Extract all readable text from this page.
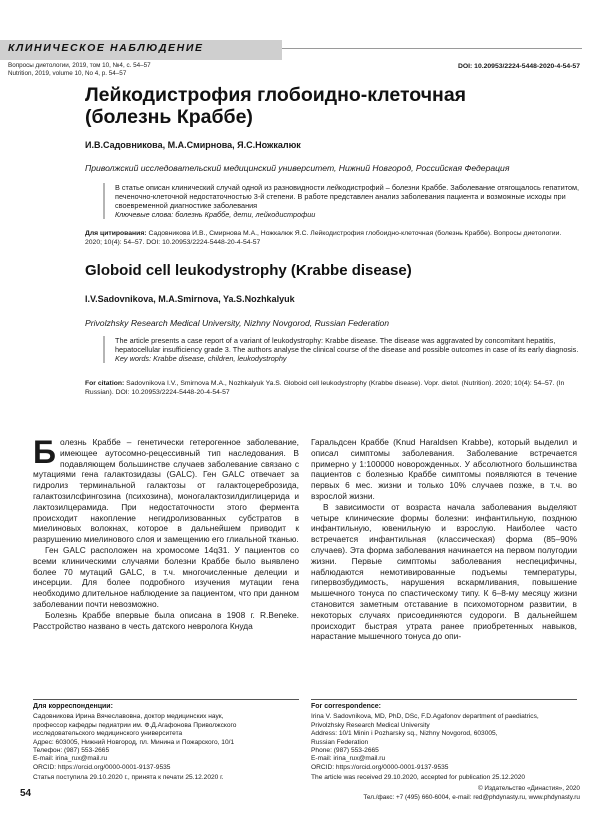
КЛИНИЧЕСКОЕ НАБЛЮДЕНИЕ
Вопросы диетологии, 2019, том 10, №4, с. 54–57
Nutrition, 2019, volume 10, No 4, p. 54–57
DOI: 10.20953/2224-5448-2020-4-54-57
Лейкодистрофия глобоидно-клеточная
(болезнь Краббе)
И.В.Садовникова, М.А.Смирнова, Я.С.Ножкалюк
Приволжский исследовательский медицинский университет, Нижний Новгород, Российская Федерация
В статье описан клинический случай одной из разновидности лейкодистрофий – болезни Краббе. Заболевание отягощалось гепатитом, печеночно-клеточной недостаточностью 3-й степени. В работе представлен анализ заболевания пациента и возможные исходы при своевременной диагностике заболевания
Ключевые слова: болезнь Краббе, дети, лейкодистрофии
Для цитирования: Садовникова И.В., Смирнова М.А., Ножкалюк Я.С. Лейкодистрофия глобоидно-клеточная (болезнь Краббе). Вопросы диетологии. 2020; 10(4): 54–57. DOI: 10.20953/2224-5448-20-4-54-57
Globoid cell leukodystrophy (Krabbe disease)
I.V.Sadovnikova, M.A.Smirnova, Ya.S.Nozhkalyuk
Privolzhsky Research Medical University, Nizhny Novgorod, Russian Federation
The article presents a case report of a variant of leukodystrophy: Krabbe disease. The disease was aggravated by concomitant hepatitis, hepatocellular insufficiency grade 3. The authors analyse the clinical course of the disease and possible outcomes in case of its early diagnosis.
Key words: Krabbe disease, children, leukodystrophy
For citation: Sadovnikova I.V., Smirnova M.A., Nozhkalyuk Ya.S. Globoid cell leukodystrophy (Krabbe disease). Vopr. dietol. (Nutrition). 2020; 10(4): 54–57. (In Russian). DOI: 10.20953/2224-5448-20-4-54-57

Болезнь Краббе – генетически гетерогенное заболевание, имеющее аутосомно-рецессивный тип наследования. В подавляющем большинстве случаев заболевание связано с мутациями гена галактозидазы (GALC). Ген GALC отвечает за гидролиз терминальной галактозы от галактоцереброзида, галактозилсфингозина (психозина), моногалактозилдиглицерида и лактозилцерамида. При недостаточности этого фермента происходит накопление негидролизованных субстратов в миелиновых волокнах, которое в дальнейшем приводит к разрушению миелинового слоя и замещению его глиальной тканью.

Ген GALC расположен на хромосоме 14q31. У пациентов со всеми клиническими случаями болезни Краббе было выявлено более 70 мутаций GALC, в т.ч. многочисленные делеции и инсерции. Для более подробного изучения мутации гена необходимо длительное наблюдение за пациентом, что при данном заболевании почти невозможно.

Болезнь Краббе впервые была описана в 1908 г. R.Beneke. Расстройство названо в честь датского невролога Кнуда

Гаральдсен Краббе (Knud Haraldsen Krabbe), который выделил и описал симптомы заболевания. Заболевание встречается примерно у 1:100000 новорожденных. У абсолютного большинства пациентов с болезнью Краббе симптомы появляются в течение первых 6 мес. жизни и только 10% случаев позже, в т.ч. во взрослой жизни.

В зависимости от возраста начала заболевания выделяют четыре клинические формы болезни: инфантильную, позднюю инфантильную, ювенильную и взрослую. Наиболее часто встречается инфантильная (классическая) форма (85–90% случаев). Эта форма заболевания начинается на первом полугодии жизни. Первые симптомы заболевания неспецифичны, наблюдаются немотивированные подъемы температуры, гипервозбудимость, нарушения вскармливания, повышение мышечного тонуса по спастическому типу. К 6–8-му месяцу жизни становится заметным отставание в психомоторном развитии, в некоторых случаях присоединяются судороги. В дальнейшем происходит быстрая утрата ранее приобретенных навыков, нарастание мышечного тонуса до опи-

Для корреспонденции:
Садовникова Ирина Вячеславовна, доктор медицинских наук,
профессор кафедры педиатрии им. Ф.Д.Агафонова Приволжского
исследовательского медицинского университета
Адрес: 603005, Нижний Новгород, пл. Минина и Пожарского, 10/1
Телефон: (987) 553-2665
E-mail: irina_rux@mail.ru
ORCID: https://orcid.org/0000-0001-9137-9535
Статья поступила 29.10.2020 г., принята к печати 25.12.2020 г.
For correspondence:
Irina V. Sadovnikova, MD, PhD, DSc, F.D.Agafonov department of paediatrics,
Privolzhsky Research Medical University
Address: 10/1 Minin i Pozharsky sq., Nizhny Novgorod, 603005,
Russian Federation
Phone: (987) 553-2665
E-mail: irina_rux@mail.ru
ORCID: https://orcid.org/0000-0001-9137-9535
The article was received 29.10.2020, accepted for publication 25.12.2020
54	© Издательство «Династия», 2020
Тел./факс: +7 (495) 660-6004, e-mail: red@phdynasty.ru, www.phdynasty.ru
